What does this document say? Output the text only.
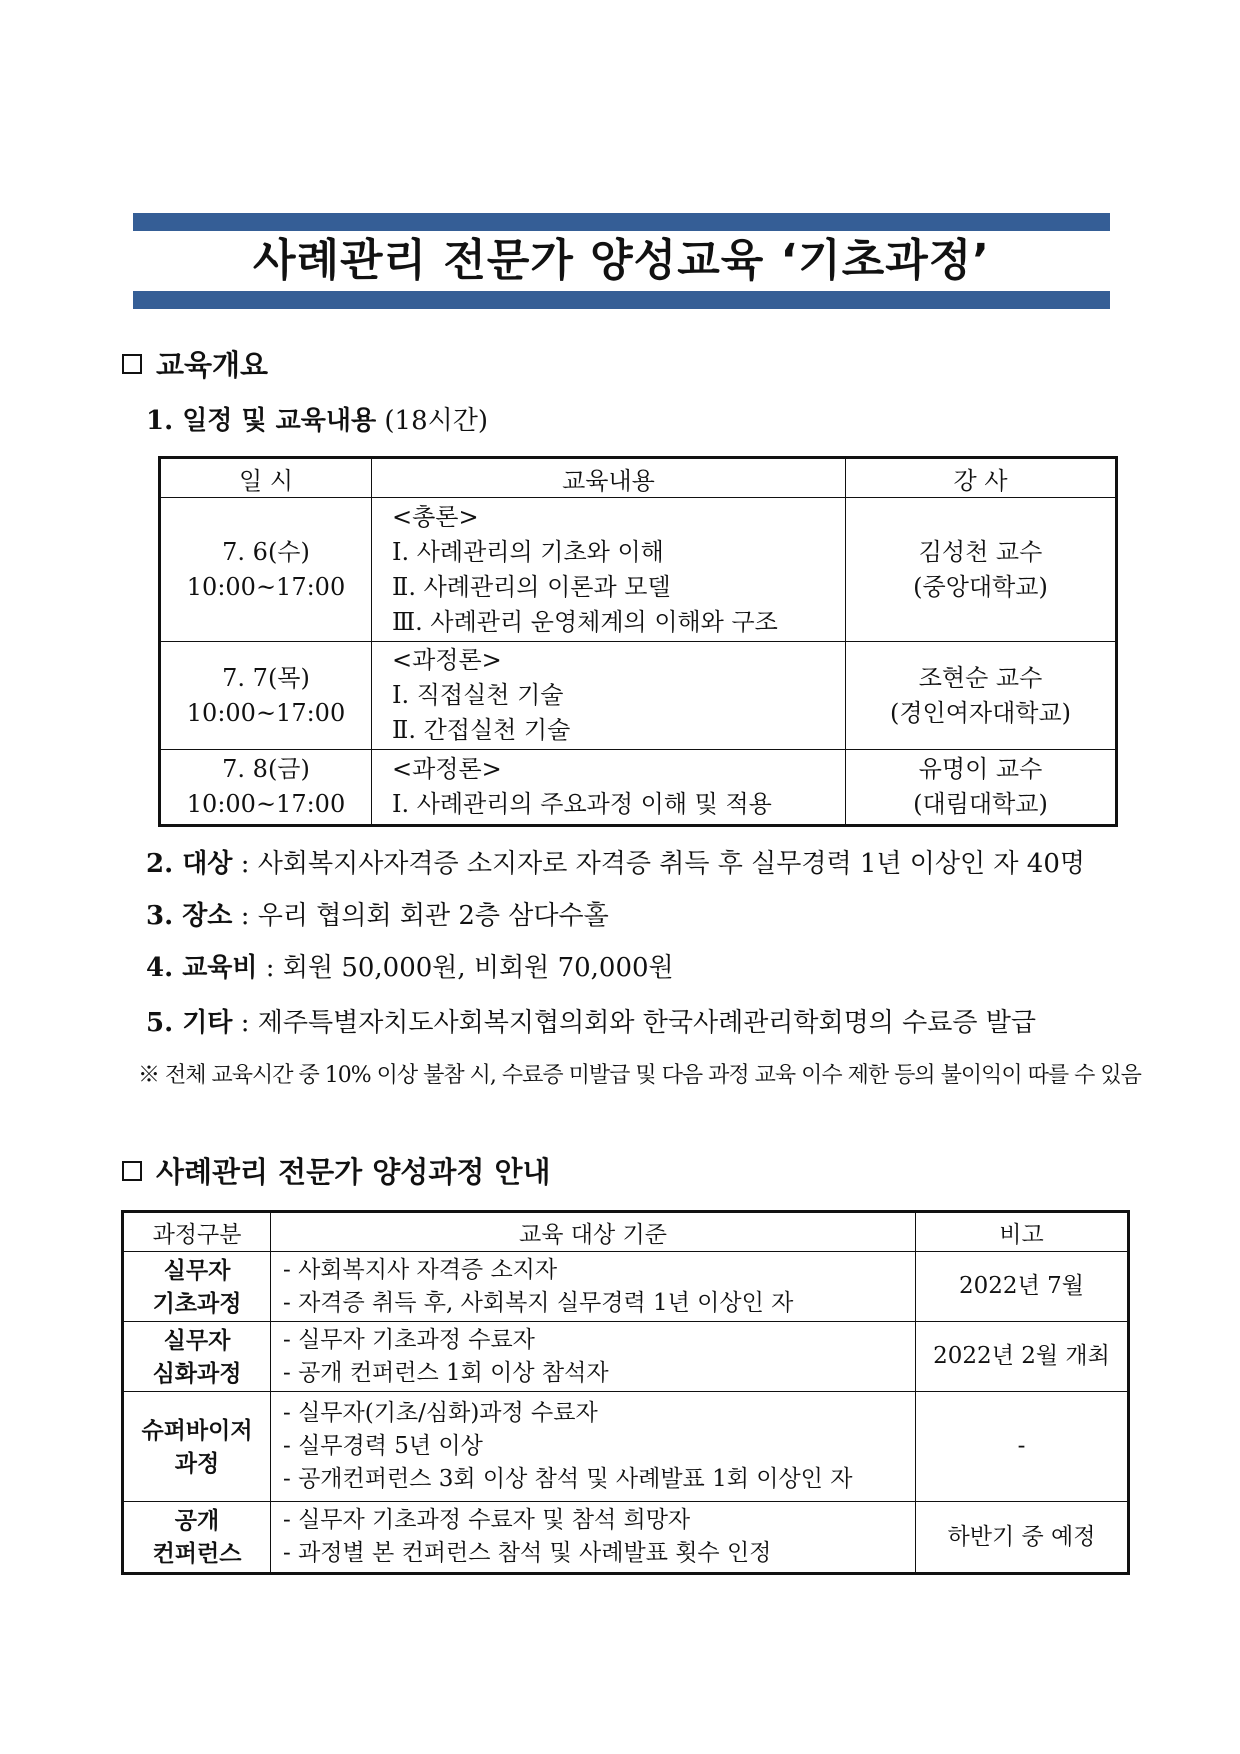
사례관리 전문가 양성교육 ‘기초과정’
교육개요
1. 일정 및 교육내용 (18시간)
일 시	교육내용	강 사

7. 6(수)
10:00~17:00	<총론>
Ⅰ. 사례관리의 기초와 이해
Ⅱ. 사례관리의 이론과 모델
Ⅲ. 사례관리 운영체계의 이해와 구조	김성천 교수
(중앙대학교)

7. 7(목)
10:00~17:00	<과정론>
Ⅰ. 직접실천 기술
Ⅱ. 간접실천 기술	조현순 교수
(경인여자대학교)

7. 8(금)
10:00~17:00	<과정론>
Ⅰ. 사례관리의 주요과정 이해 및 적용	유명이 교수
(대림대학교)
2. 대상 : 사회복지사자격증 소지자로 자격증 취득 후 실무경력 1년 이상인 자 40명
3. 장소 : 우리 협의회 회관 2층 삼다수홀
4. 교육비 : 회원 50,000원, 비회원 70,000원
5. 기타 : 제주특별자치도사회복지협의회와 한국사례관리학회명의 수료증 발급
※ 전체 교육시간 중 10% 이상 불참 시, 수료증 미발급 및 다음 과정 교육 이수 제한 등의 불이익이 따를 수 있음
사례관리 전문가 양성과정 안내
과정구분	교육 대상 기준	비고

실무자
기초과정	- 사회복지사 자격증 소지자
- 자격증 취득 후, 사회복지 실무경력 1년 이상인 자	2022년 7월

실무자
심화과정	- 실무자 기초과정 수료자
- 공개 컨퍼런스 1회 이상 참석자	2022년 2월 개최

슈퍼바이저
과정	- 실무자(기초/심화)과정 수료자
- 실무경력 5년 이상
- 공개컨퍼런스 3회 이상 참석 및 사례발표 1회 이상인 자	-

공개
컨퍼런스	- 실무자 기초과정 수료자 및 참석 희망자
- 과정별 본 컨퍼런스 참석 및 사례발표 횟수 인정	하반기 중 예정
